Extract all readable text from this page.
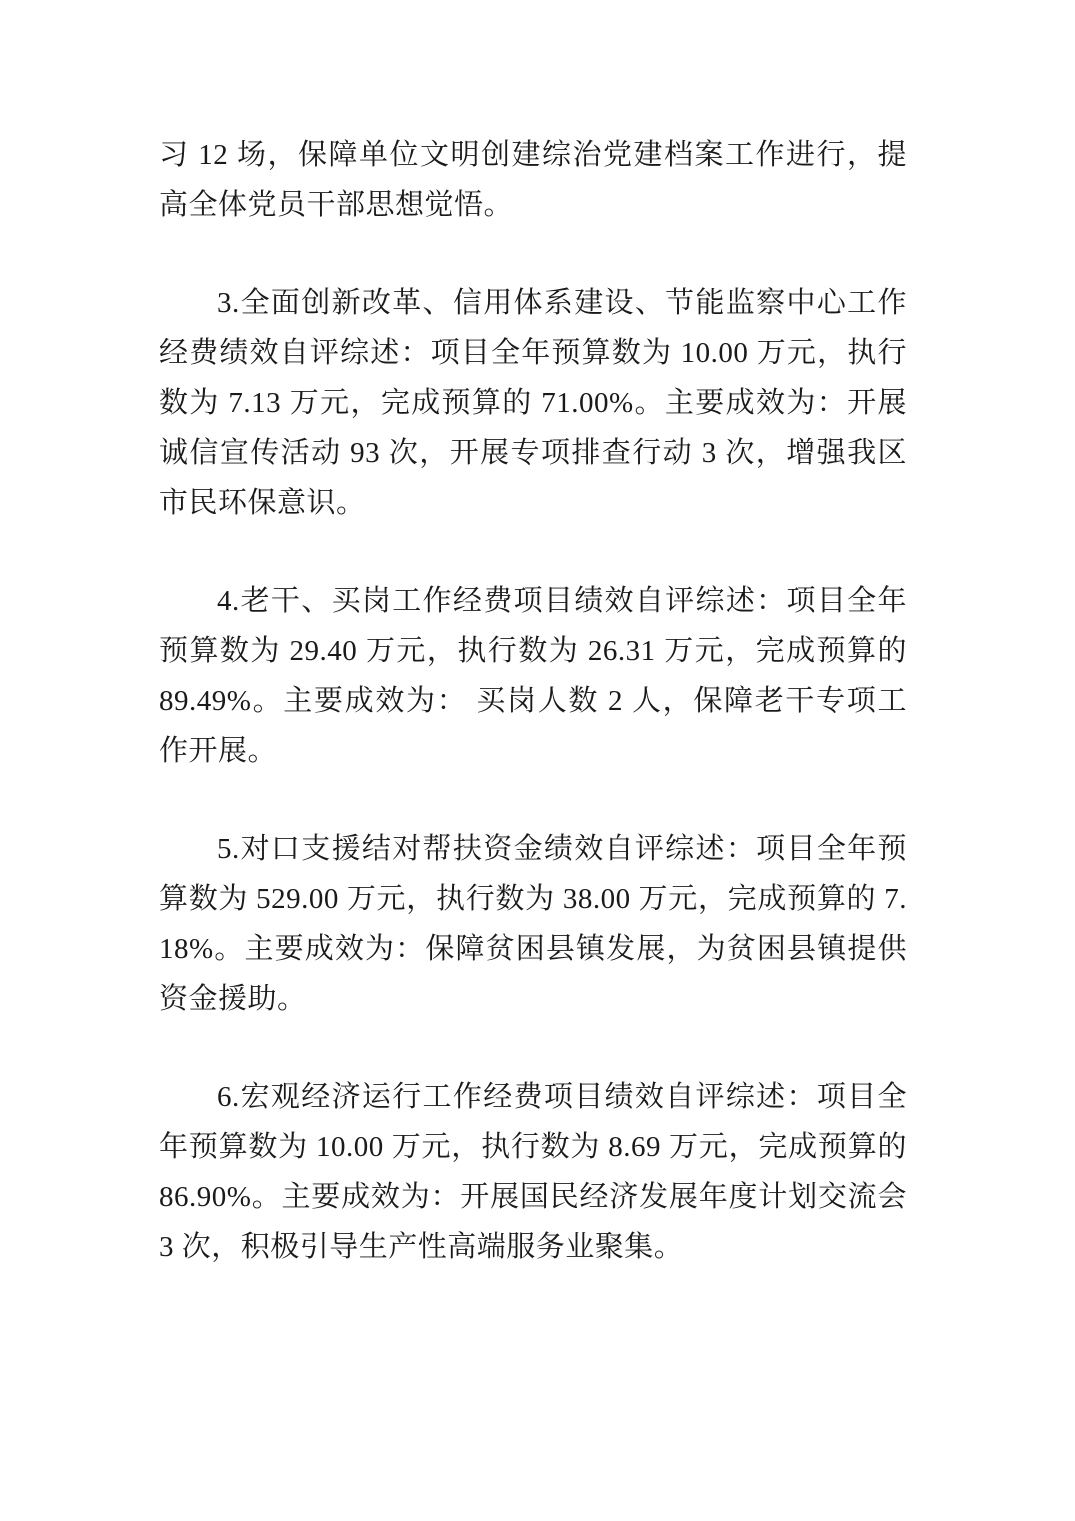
习 12 场，保障单位文明创建综治党建档案工作进行，提高全体党员干部思想觉悟。

3.全面创新改革、信用体系建设、节能监察中心工作经费绩效自评综述：项目全年预算数为 10.00 万元，执行数为 7.13 万元，完成预算的 71.00%。主要成效为：开展诚信宣传活动 93 次，开展专项排查行动 3 次，增强我区市民环保意识。

4.老干、买岗工作经费项目绩效自评综述：项目全年预算数为 29.40 万元，执行数为 26.31 万元，完成预算的 89.49%。主要成效为： 买岗人数 2 人，保障老干专项工作开展。

5.对口支援结对帮扶资金绩效自评综述：项目全年预算数为 529.00 万元，执行数为 38.00 万元，完成预算的 7.18%。主要成效为：保障贫困县镇发展，为贫困县镇提供资金援助。

6.宏观经济运行工作经费项目绩效自评综述：项目全年预算数为 10.00 万元，执行数为 8.69 万元，完成预算的 86.90%。主要成效为：开展国民经济发展年度计划交流会 3 次，积极引导生产性高端服务业聚集。
